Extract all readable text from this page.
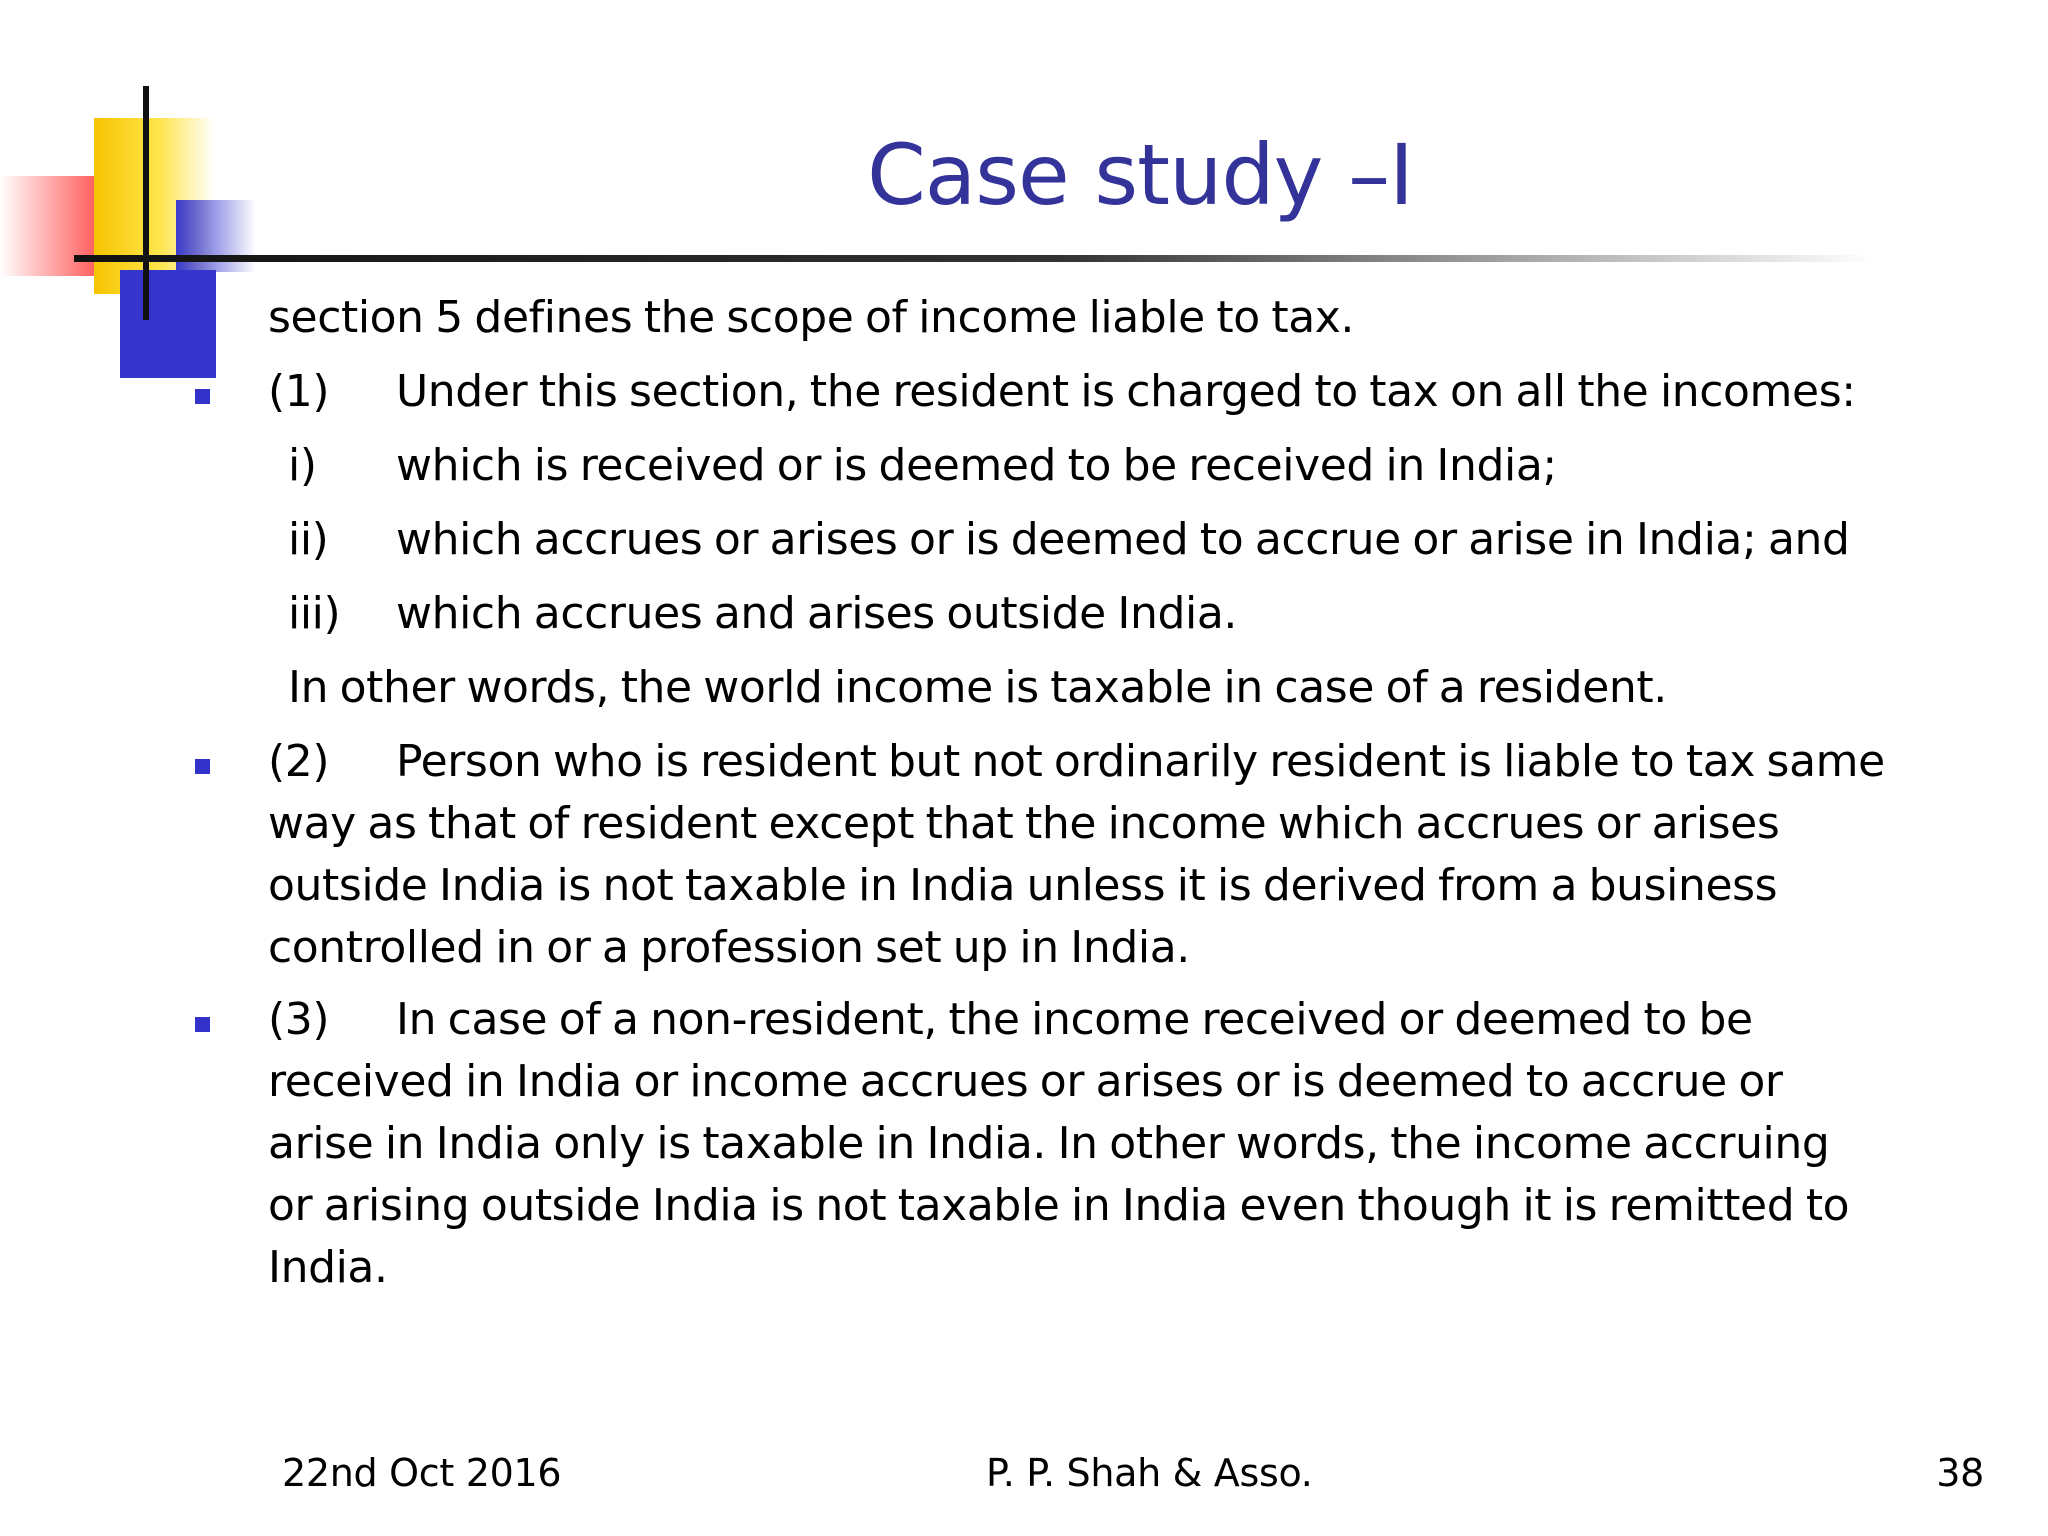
Case study –I
section 5 defines the scope of income liable to tax.
(1) Under this section, the resident is charged to tax on all the incomes:
i) which is received or is deemed to be received in India;
ii) which accrues or arises or is deemed to accrue or arise in India; and
iii) which accrues and arises outside India.
In other words, the world income is taxable in case of a resident.
(2) Person who is resident but not ordinarily resident is liable to tax same
way as that of resident except that the income which accrues or arises
outside India is not taxable in India unless it is derived from a business
controlled in or a profession set up in India.
(3) In case of a non-resident, the income received or deemed to be
received in India or income accrues or arises or is deemed to accrue or
arise in India only is taxable in India. In other words, the income accruing
or arising outside India is not taxable in India even though it is remitted to
India.
22nd Oct 2016	P. P. Shah & Asso.	38
